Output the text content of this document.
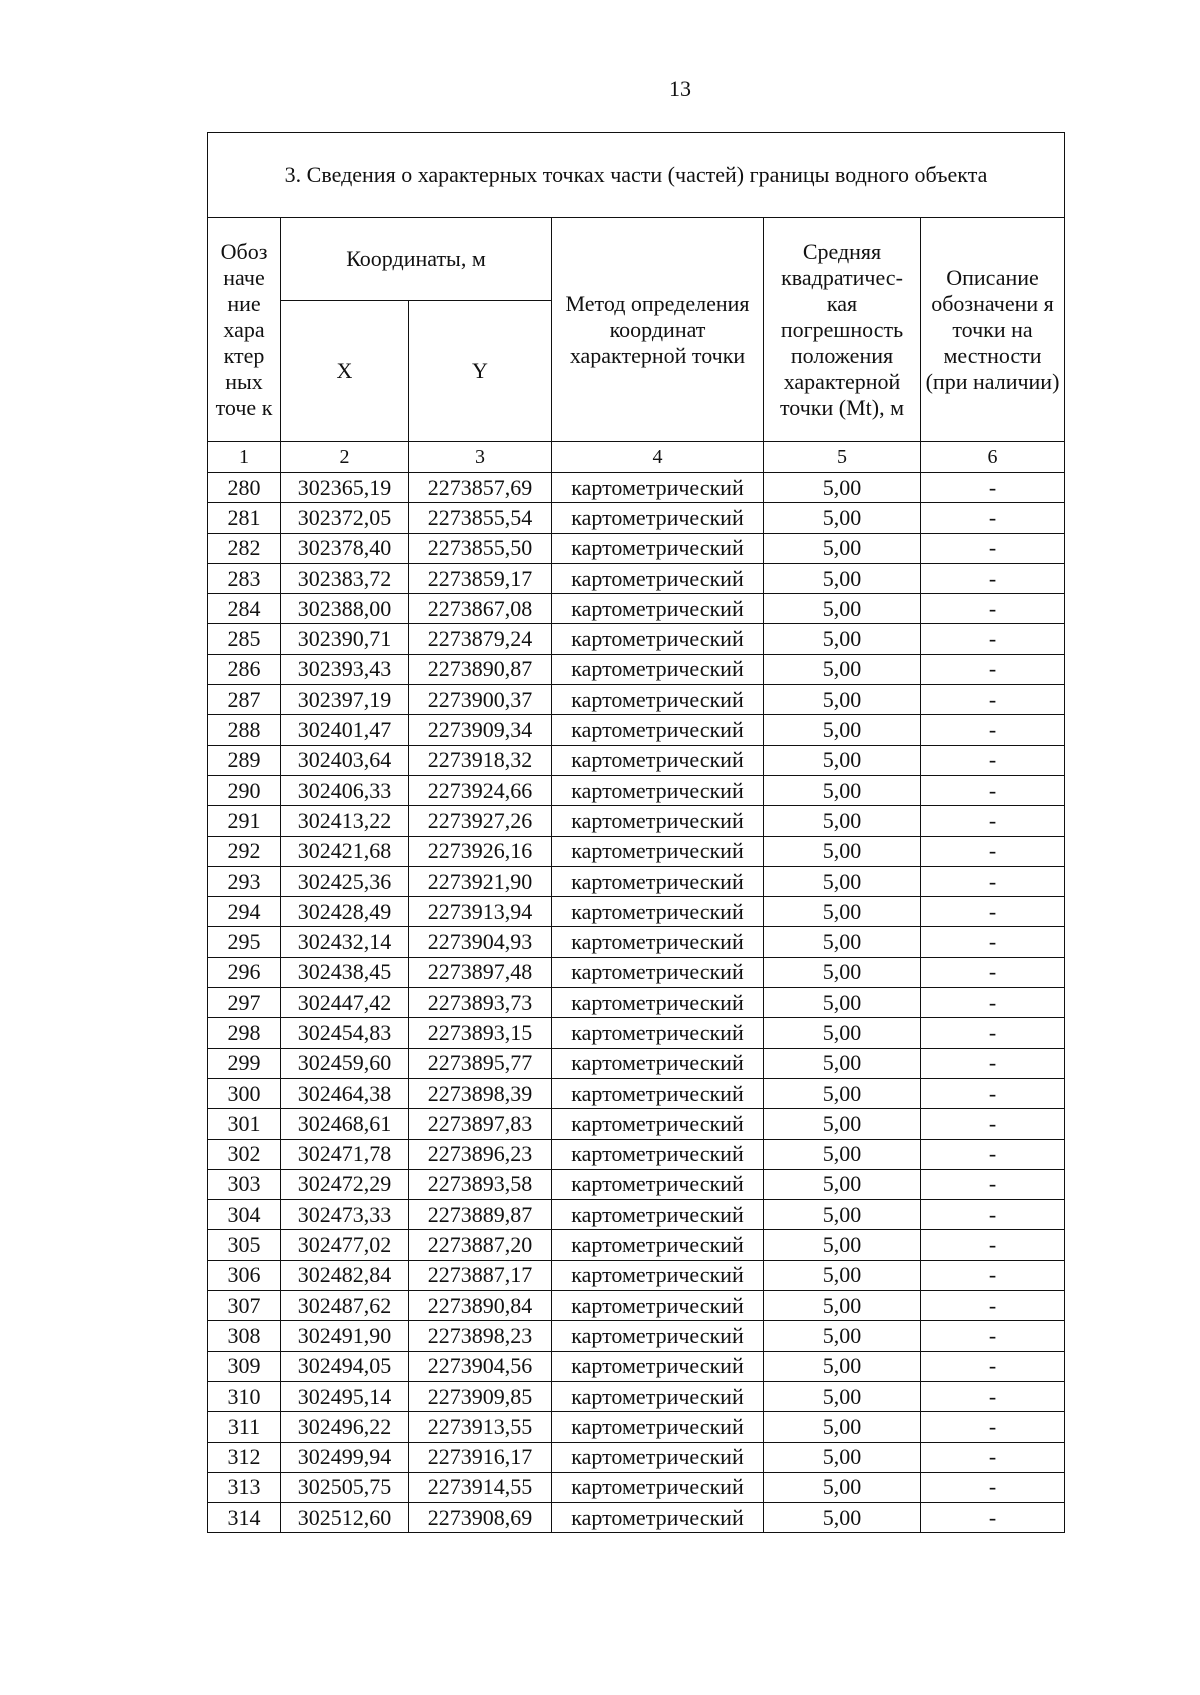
13
3. Сведения о характерных точках части (частей) границы водного объекта					
Обоз наче ние хара ктер ных точе к	Координаты, м		Метод определения координат характерной точки	Средняя квадратичес- кая погрешность положения характерной точки (Mt), м	Описание обозначени я точки на местности (при наличии)
	X	Y			
1	2	3	4	5	6
280	302365,19	2273857,69	картометрический	5,00	-
281	302372,05	2273855,54	картометрический	5,00	-
282	302378,40	2273855,50	картометрический	5,00	-
283	302383,72	2273859,17	картометрический	5,00	-
284	302388,00	2273867,08	картометрический	5,00	-
285	302390,71	2273879,24	картометрический	5,00	-
286	302393,43	2273890,87	картометрический	5,00	-
287	302397,19	2273900,37	картометрический	5,00	-
288	302401,47	2273909,34	картометрический	5,00	-
289	302403,64	2273918,32	картометрический	5,00	-
290	302406,33	2273924,66	картометрический	5,00	-
291	302413,22	2273927,26	картометрический	5,00	-
292	302421,68	2273926,16	картометрический	5,00	-
293	302425,36	2273921,90	картометрический	5,00	-
294	302428,49	2273913,94	картометрический	5,00	-
295	302432,14	2273904,93	картометрический	5,00	-
296	302438,45	2273897,48	картометрический	5,00	-
297	302447,42	2273893,73	картометрический	5,00	-
298	302454,83	2273893,15	картометрический	5,00	-
299	302459,60	2273895,77	картометрический	5,00	-
300	302464,38	2273898,39	картометрический	5,00	-
301	302468,61	2273897,83	картометрический	5,00	-
302	302471,78	2273896,23	картометрический	5,00	-
303	302472,29	2273893,58	картометрический	5,00	-
304	302473,33	2273889,87	картометрический	5,00	-
305	302477,02	2273887,20	картометрический	5,00	-
306	302482,84	2273887,17	картометрический	5,00	-
307	302487,62	2273890,84	картометрический	5,00	-
308	302491,90	2273898,23	картометрический	5,00	-
309	302494,05	2273904,56	картометрический	5,00	-
310	302495,14	2273909,85	картометрический	5,00	-
311	302496,22	2273913,55	картометрический	5,00	-
312	302499,94	2273916,17	картометрический	5,00	-
313	302505,75	2273914,55	картометрический	5,00	-
314	302512,60	2273908,69	картометрический	5,00	-
